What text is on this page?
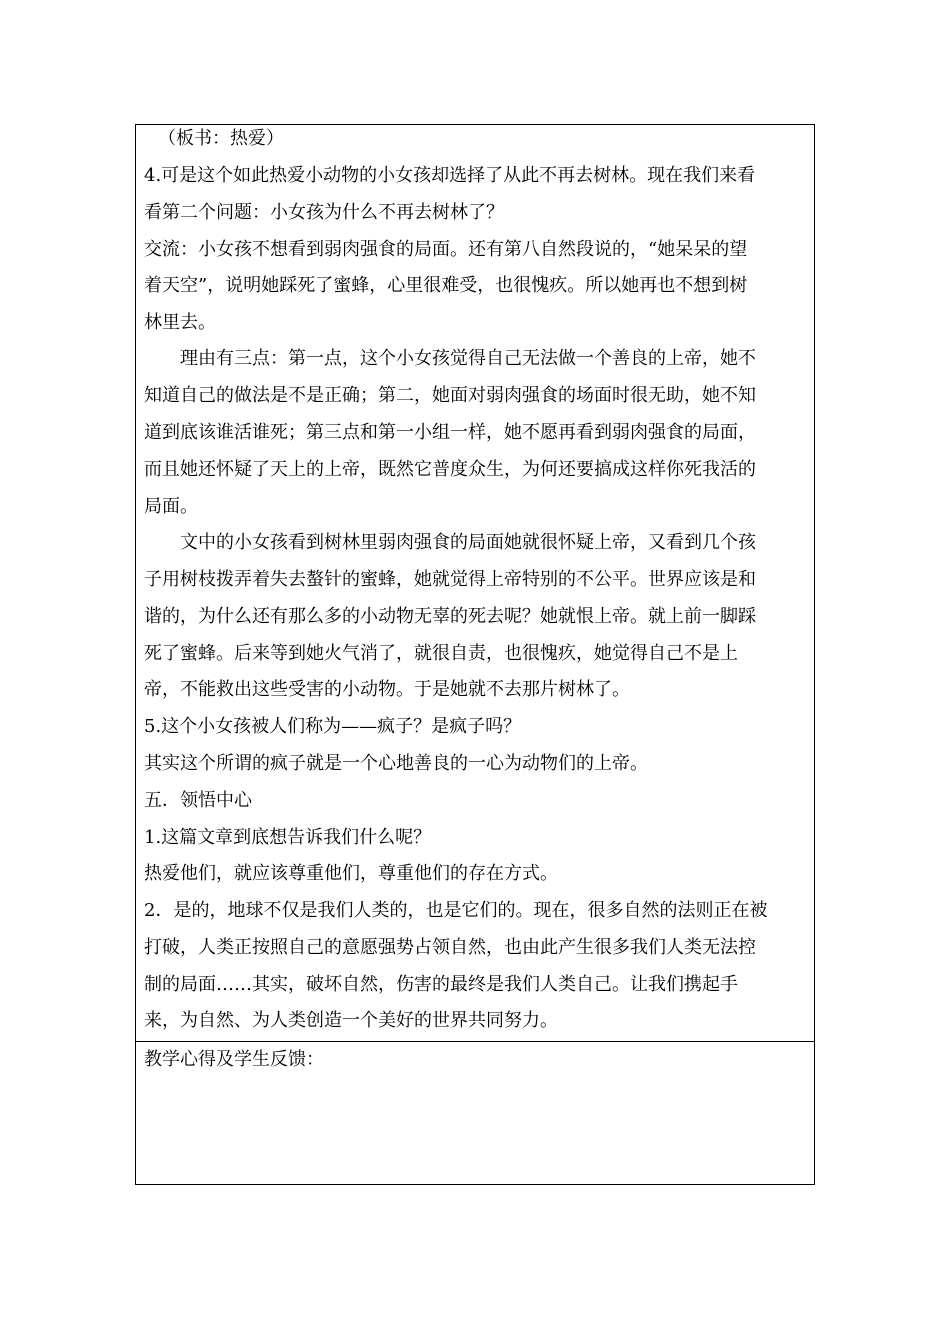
（板书：热爱）
4.可是这个如此热爱小动物的小女孩却选择了从此不再去树林。现在我们来看
看第二个问题：小女孩为什么不再去树林了？
交流：小女孩不想看到弱肉强食的局面。还有第八自然段说的，“她呆呆的望
着天空”，说明她踩死了蜜蜂，心里很难受，也很愧疚。所以她再也不想到树
林里去。
理由有三点：第一点，这个小女孩觉得自己无法做一个善良的上帝，她不
知道自己的做法是不是正确；第二，她面对弱肉强食的场面时很无助，她不知
道到底该谁活谁死；第三点和第一小组一样，她不愿再看到弱肉强食的局面，
而且她还怀疑了天上的上帝，既然它普度众生，为何还要搞成这样你死我活的
局面。
文中的小女孩看到树林里弱肉强食的局面她就很怀疑上帝，又看到几个孩
子用树枝拨弄着失去螯针的蜜蜂，她就觉得上帝特别的不公平。世界应该是和
谐的，为什么还有那么多的小动物无辜的死去呢？她就恨上帝。就上前一脚踩
死了蜜蜂。后来等到她火气消了，就很自责，也很愧疚，她觉得自己不是上
帝，不能救出这些受害的小动物。于是她就不去那片树林了。
5.这个小女孩被人们称为——疯子？是疯子吗？
其实这个所谓的疯子就是一个心地善良的一心为动物们的上帝。
五．领悟中心
1.这篇文章到底想告诉我们什么呢？
热爱他们，就应该尊重他们，尊重他们的存在方式。
2．是的，地球不仅是我们人类的，也是它们的。现在，很多自然的法则正在被
打破，人类正按照自己的意愿强势占领自然，也由此产生很多我们人类无法控
制的局面……其实，破坏自然，伤害的最终是我们人类自己。让我们携起手
来，为自然、为人类创造一个美好的世界共同努力。
教学心得及学生反馈：
